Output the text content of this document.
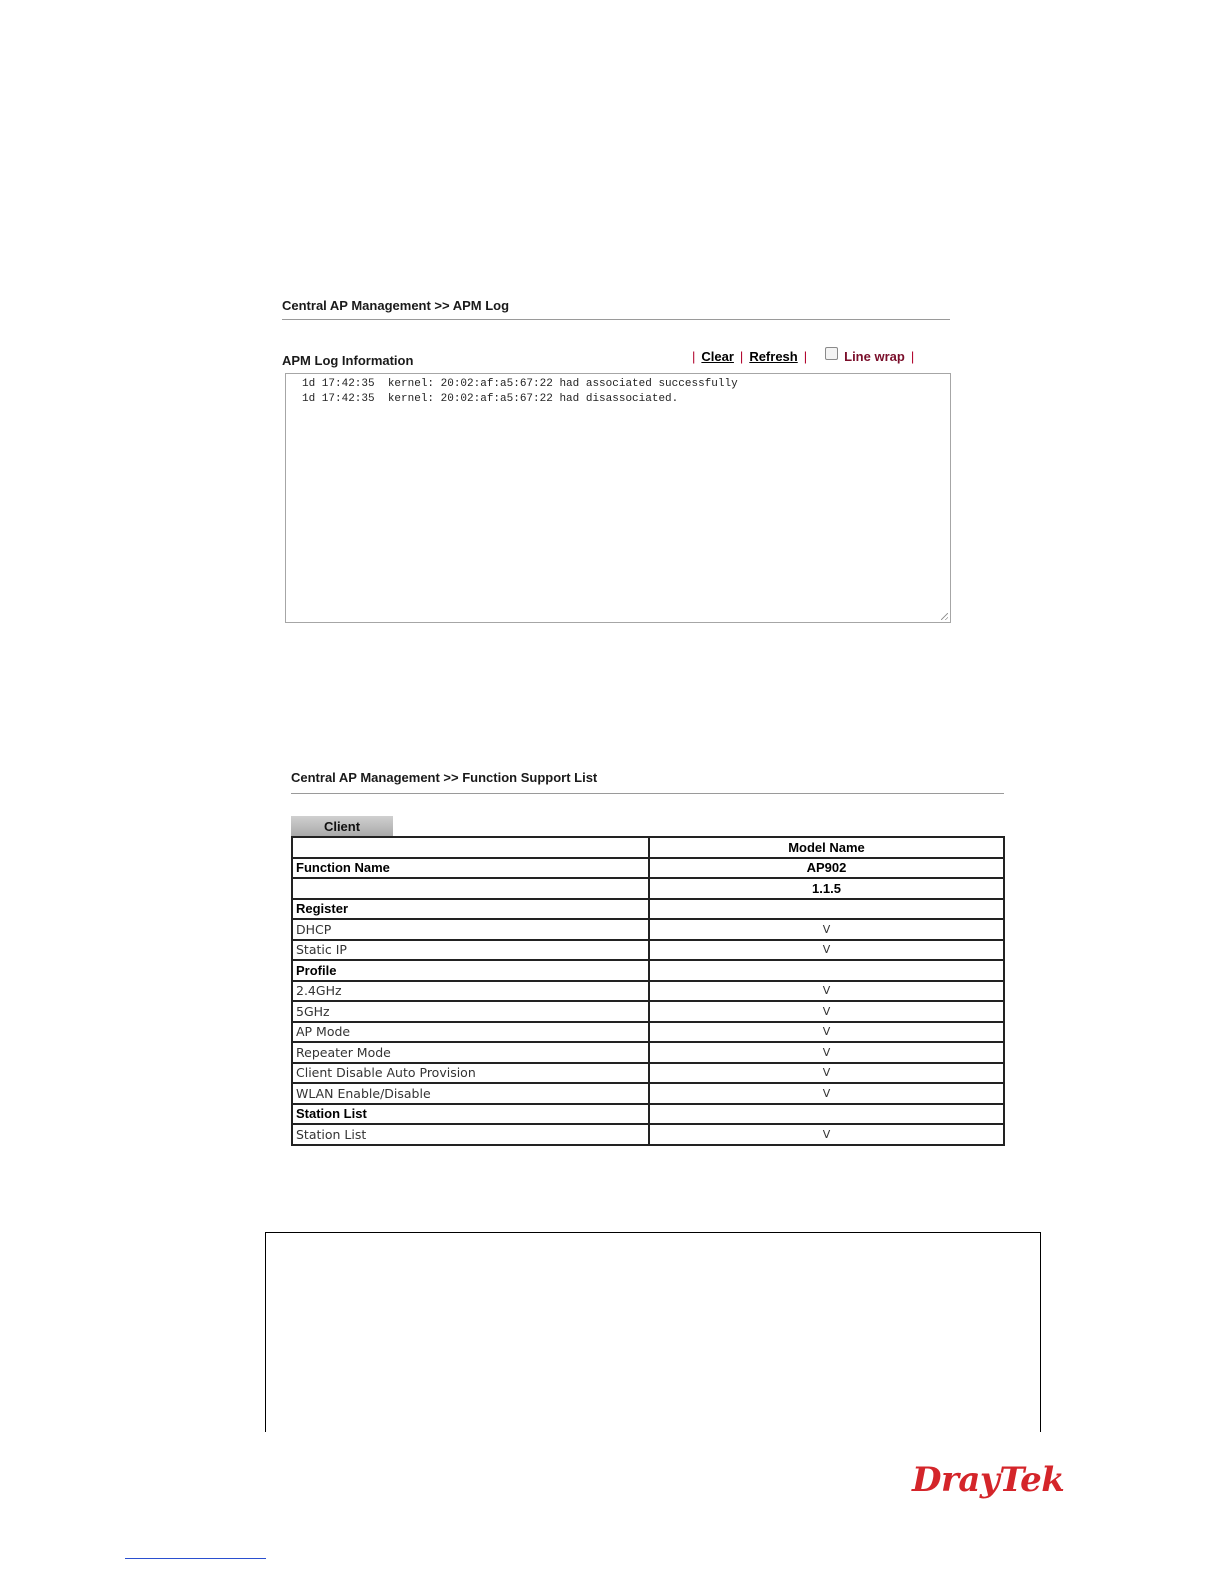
Central AP Management >> APM Log
APM Log Information	| Clear | Refresh |	Line wrap |
1d 17:42:35  kernel: 20:02:af:a5:67:22 had associated successfully
1d 17:42:35  kernel: 20:02:af:a5:67:22 had disassociated.
Central AP Management >> Function Support List
Client
	Model Name
Function Name	AP902
	1.1.5
Register	
DHCP	V
Static IP	V
Profile	
2.4GHz	V
5GHz	V
AP Mode	V
Repeater Mode	V
Client Disable Auto Provision	V
WLAN Enable/Disable	V
Station List	
Station List	V
DrayTek
